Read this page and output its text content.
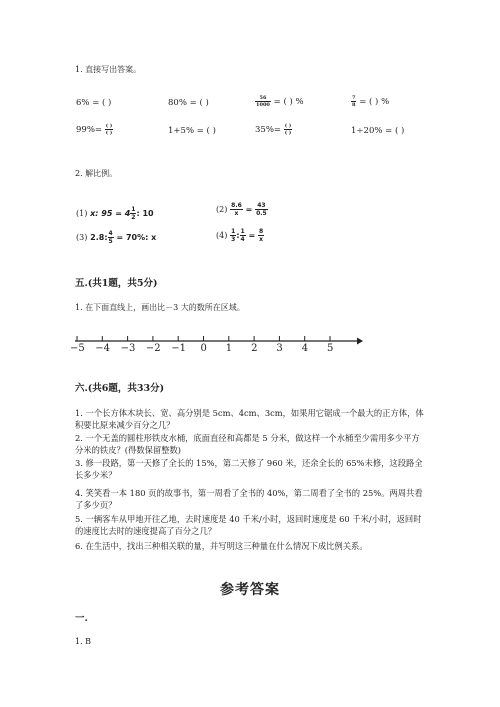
1. 直接写出答案。
6% = ( )	80% = ( )	$\frac{56}{1000}$ = ( ) %	$\frac{7}{8}$ = ( ) %
$99\%= \frac{( )}{( )}$	1+5% = ( )	$35\%= \frac{( )}{( )}$	1÷20% = ( )
2. 解比例。
(1) x: $95 = 4 \frac{1}{2}$ : 10	$(2) \frac{8.6}{x} = \frac{43}{0.5}$
(3) 2.8: $\frac{4}{5} = 70\%$: x	$(4) \frac{1}{3}$ : $\frac{1}{4} = \frac{8}{x}$
五.(共1题，共5分)
1. 在下面直线上，画出比－3 大的数所在区域。
−5 −4 −3 −2 −1 0 1 2 3 4 5
六.(共6题，共33分)
1. 一个长方体木块长、宽、高分别是 5cm、4cm、3cm，如果用它锯成一个最大的正方体，体积要比原来减少百分之几？
2. 一个无盖的圆柱形铁皮水桶，底面直径和高都是 5 分米，做这样一个水桶至少需用多少平方分米的铁皮？(得数保留整数)
3. 修一段路，第一天修了全长的 15%，第二天修了 960 米，还余全长的 65%未修，这段路全长多少米？
4. 笑笑看一本 180 页的故事书，第一周看了全书的 40%，第二周看了全书的 25%。两周共看了多少页？
5. 一辆客车从甲地开往乙地，去时速度是 40 千米/小时，返回时速度是 60 千米/小时，返回时的速度比去时的速度提高了百分之几？
6. 在生活中，找出三种相关联的量，并写明这三种量在什么情况下成比例关系。
参考答案
一.
1. B
